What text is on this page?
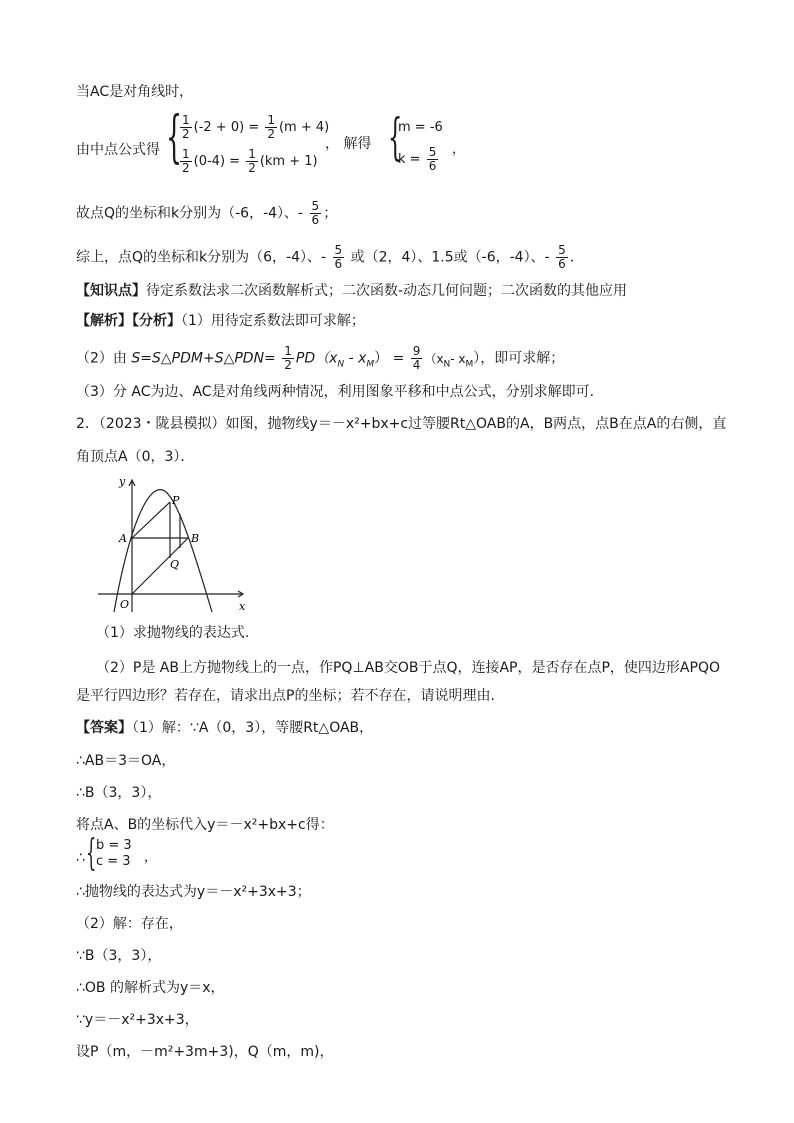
当AC是对角线时，
由中点公式得 {
$\frac{1}{2} (-2 + 0) = \frac{1}{2} (m + 4)$
$\frac{1}{2} (0-4) = \frac{1}{2} (km + 1)$
， 解得 {
m = -6
$k = \frac{5}{6}$ ，
故点Q的坐标和k分别为（-6，-4）、- $\frac{5}{6}$ ；
综上，点Q的坐标和k分别为（6，-4）、- $\frac{5}{6}$ 或（2，4）、1.5或（-6，-4）、- $\frac{5}{6}$ ．
【知识点】待定系数法求二次函数解析式；二次函数-动态几何问题；二次函数的其他应用
【解析】【分析】（1）用待定系数法即可求解；
（2）由 S=S△PDM+S△PDN= $\frac{1}{2} PD(x_N - x_M) = \frac{9}{4} (x_N-$ $x_M$），即可求解；
（3）分 AC为边、AC是对角线两种情况，利用图象平移和中点公式，分别求解即可．
2．（2023・陇县模拟）如图，抛物线y＝－x²+bx+c过等腰Rt△OAB的A，B两点，点B在点A的右侧，直
角顶点A（0，3）．
y
x
O
A	B
P
Q
（1）求抛物线的表达式.
（2）P是 AB上方抛物线上的一点，作PQ⊥AB交OB于点Q，连接AP，是否存在点P，使四边形APQO
是平行四边形？若存在，请求出点P的坐标；若不存在，请说明理由.
【答案】（1）解：∵A（0，3），等腰Rt△OAB，
∴AB＝3＝OA，
∴B（3，3），
将点A、B的坐标代入y＝－x²+bx+c得：
∴ { b = 3
c = 3 ，
∴抛物线的表达式为y＝－x²+3x+3；
（2）解：存在，
∵B（3，3），
∴OB 的解析式为y＝x，
∵y＝－x²+3x+3，
设P（m，－m²+3m+3)，Q（m，m)，
